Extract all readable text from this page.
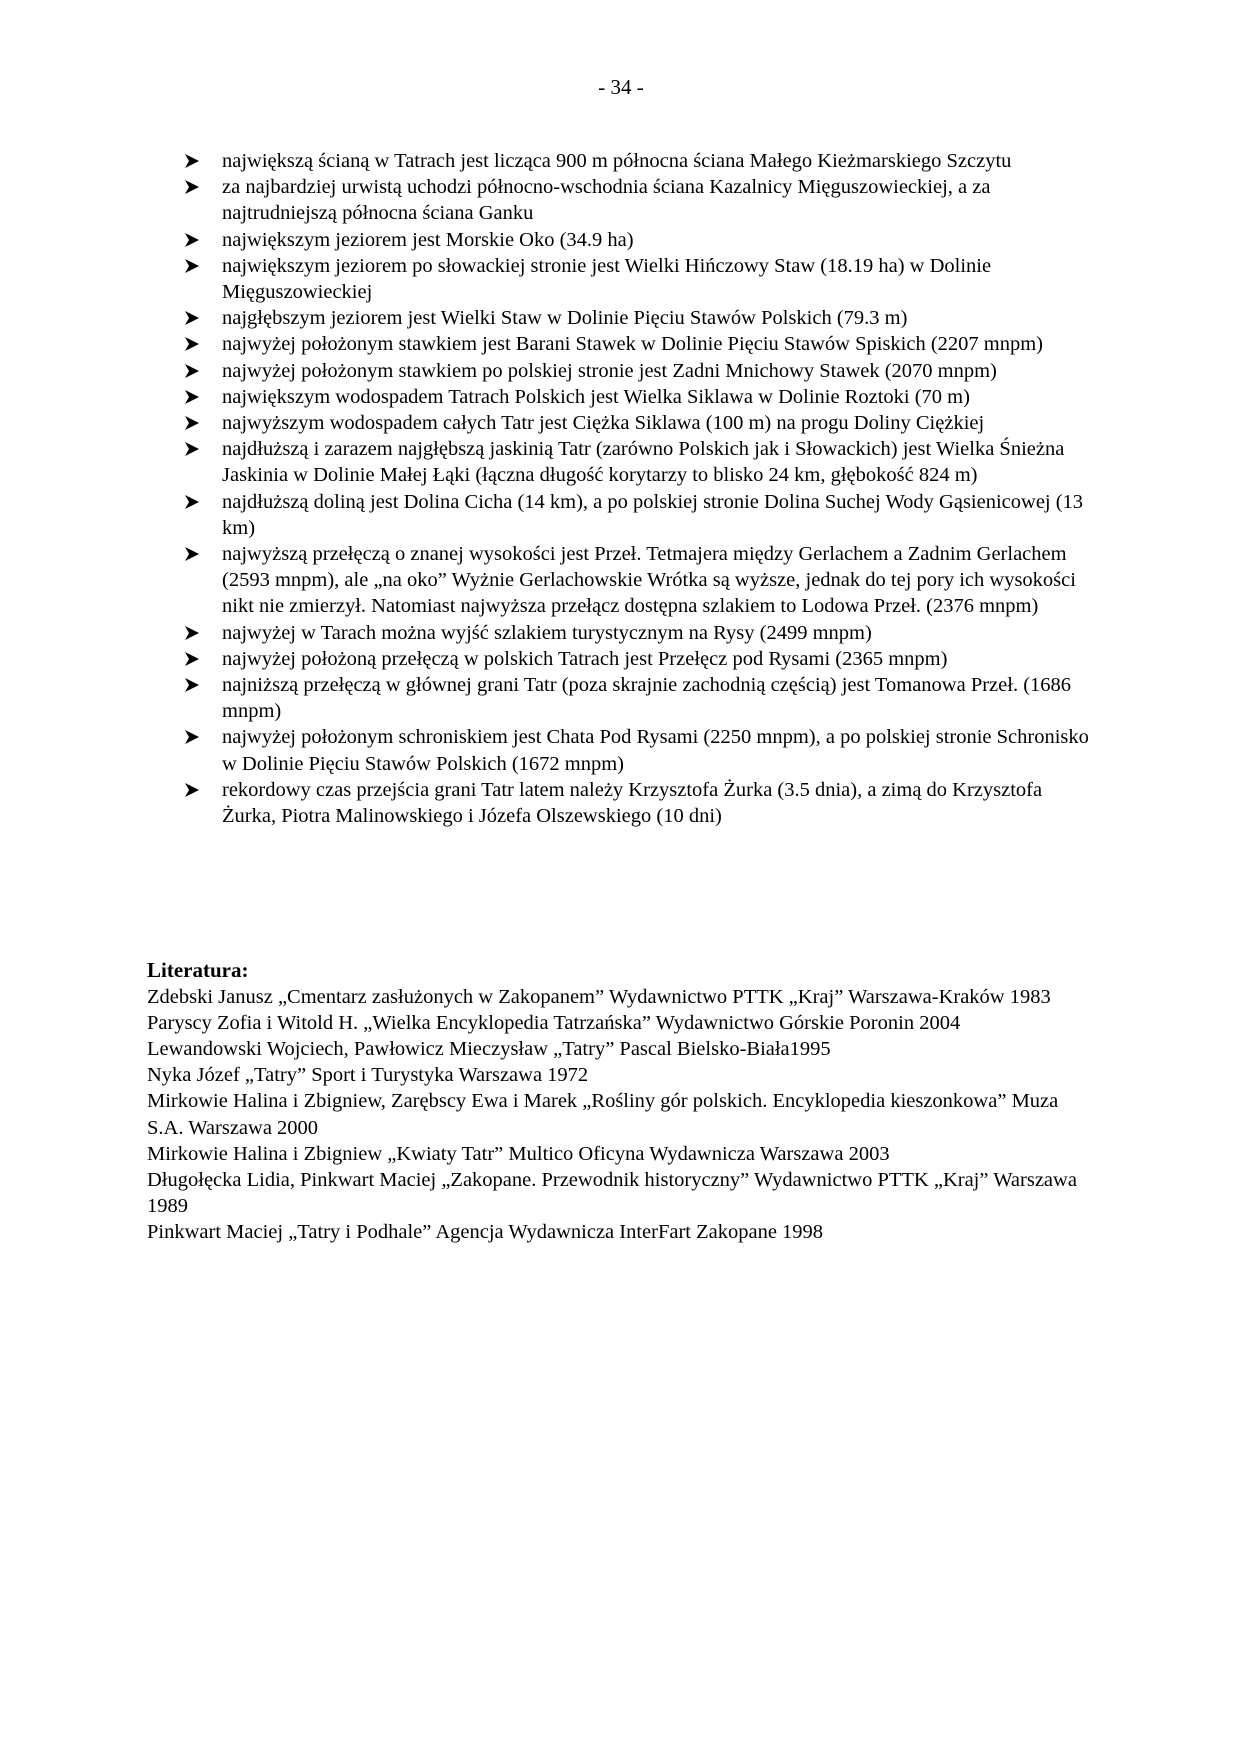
- 34 -
największą ścianą w Tatrach jest licząca 900 m północna ściana Małego Kieżmarskiego Szczytu
za najbardziej urwistą uchodzi północno-wschodnia ściana Kazalnicy Mięguszowieckiej, a za najtrudniejszą północna ściana Ganku
największym jeziorem jest Morskie Oko (34.9 ha)
największym jeziorem po słowackiej stronie jest Wielki Hińczowy Staw (18.19 ha) w Dolinie Mięguszowieckiej
najgłębszym jeziorem jest Wielki Staw w Dolinie Pięciu Stawów Polskich (79.3 m)
najwyżej położonym stawkiem jest Barani Stawek w Dolinie Pięciu Stawów Spiskich (2207 mnpm)
najwyżej położonym stawkiem po polskiej stronie jest Zadni Mnichowy Stawek (2070 mnpm)
największym wodospadem Tatrach Polskich jest Wielka Siklawa w Dolinie Roztoki (70 m)
najwyższym wodospadem całych Tatr jest Ciężka Siklawa (100 m) na progu Doliny Ciężkiej
najdłuższą i zarazem najgłębszą jaskinią Tatr (zarówno Polskich jak i Słowackich) jest Wielka Śnieżna Jaskinia w Dolinie Małej Łąki (łączna długość korytarzy to blisko 24 km, głębokość 824 m)
najdłuższą doliną jest Dolina Cicha (14 km), a po polskiej stronie Dolina Suchej Wody Gąsienicowej (13 km)
najwyższą przełęczą o znanej wysokości jest Przeł. Tetmajera między Gerlachem a Zadnim Gerlachem (2593 mnpm), ale „na oko” Wyżnie Gerlachowskie Wrótka są wyższe, jednak do tej pory ich wysokości nikt nie zmierzył. Natomiast najwyższa przełącz dostępna szlakiem to Lodowa Przeł. (2376 mnpm)
najwyżej w Tarach można wyjść szlakiem turystycznym na Rysy (2499 mnpm)
najwyżej położoną przełęczą w polskich Tatrach jest Przełęcz pod Rysami (2365 mnpm)
najniższą przełęczą w głównej grani Tatr (poza skrajnie zachodnią częścią) jest Tomanowa Przeł. (1686 mnpm)
najwyżej położonym schroniskiem jest Chata Pod Rysami (2250 mnpm), a po polskiej stronie Schronisko w Dolinie Pięciu Stawów Polskich (1672 mnpm)
rekordowy czas przejścia grani Tatr latem należy Krzysztofa Żurka (3.5 dnia), a zimą do Krzysztofa Żurka, Piotra Malinowskiego i Józefa Olszewskiego (10 dni)
Literatura:
Zdebski Janusz „Cmentarz zasłużonych w Zakopanem” Wydawnictwo PTTK „Kraj” Warszawa-Kraków 1983
Paryscy Zofia i Witold H. „Wielka Encyklopedia Tatrzańska” Wydawnictwo Górskie Poronin 2004
Lewandowski Wojciech, Pawłowicz Mieczysław „Tatry” Pascal Bielsko-Biała1995
Nyka Józef „Tatry” Sport i Turystyka Warszawa 1972
Mirkowie Halina i Zbigniew, Zarębscy Ewa i Marek „Rośliny gór polskich. Encyklopedia kieszonkowa” Muza S.A. Warszawa 2000
Mirkowie Halina i Zbigniew „Kwiaty Tatr” Multico Oficyna Wydawnicza Warszawa 2003
Długołęcka Lidia, Pinkwart Maciej „Zakopane. Przewodnik historyczny” Wydawnictwo PTTK „Kraj” Warszawa 1989
Pinkwart Maciej „Tatry i Podhale” Agencja Wydawnicza InterFart Zakopane 1998
